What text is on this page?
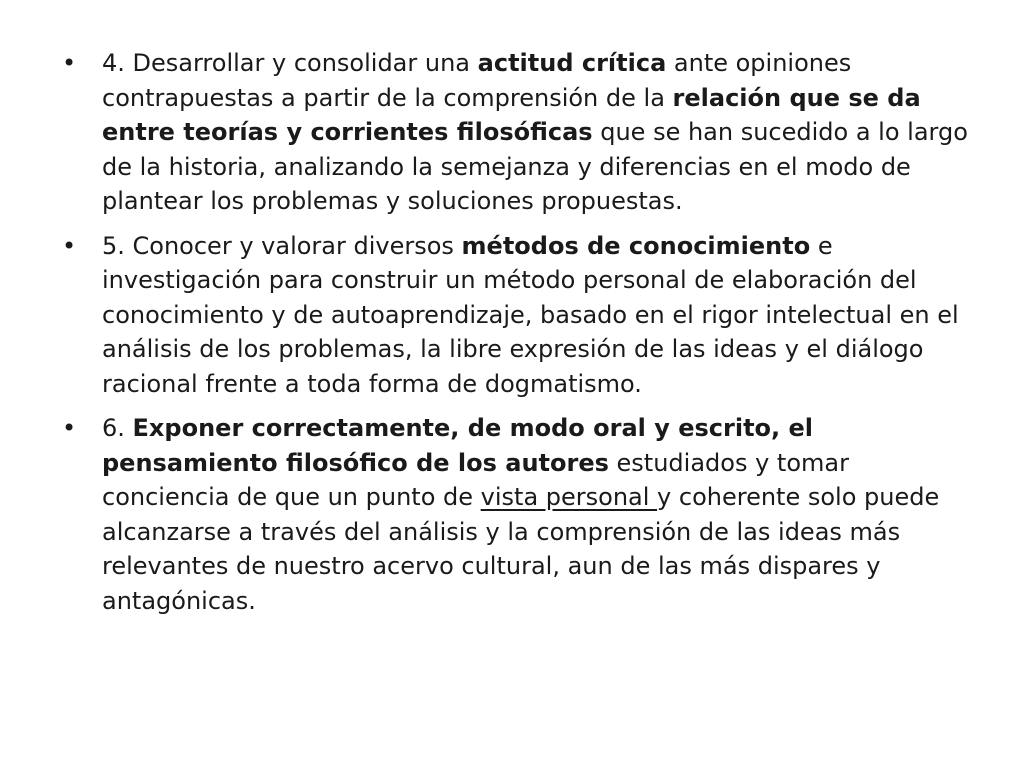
• 4. Desarrollar y consolidar una actitud crítica ante opiniones contrapuestas a partir de la comprensión de la relación que se da entre teorías y corrientes filosóficas que se han sucedido a lo largo de la historia, analizando la semejanza y diferencias en el modo de plantear los problemas y soluciones propuestas.
• 5. Conocer y valorar diversos métodos de conocimiento e investigación para construir un método personal de elaboración del conocimiento y de autoaprendizaje, basado en el rigor intelectual en el análisis de los problemas, la libre expresión de las ideas y el diálogo racional frente a toda forma de dogmatismo.
• 6. Exponer correctamente, de modo oral y escrito, el pensamiento filosófico de los autores estudiados y tomar conciencia de que un punto de vista personal y coherente solo puede alcanzarse a través del análisis y la comprensión de las ideas más relevantes de nuestro acervo cultural, aun de las más dispares y antagónicas.
